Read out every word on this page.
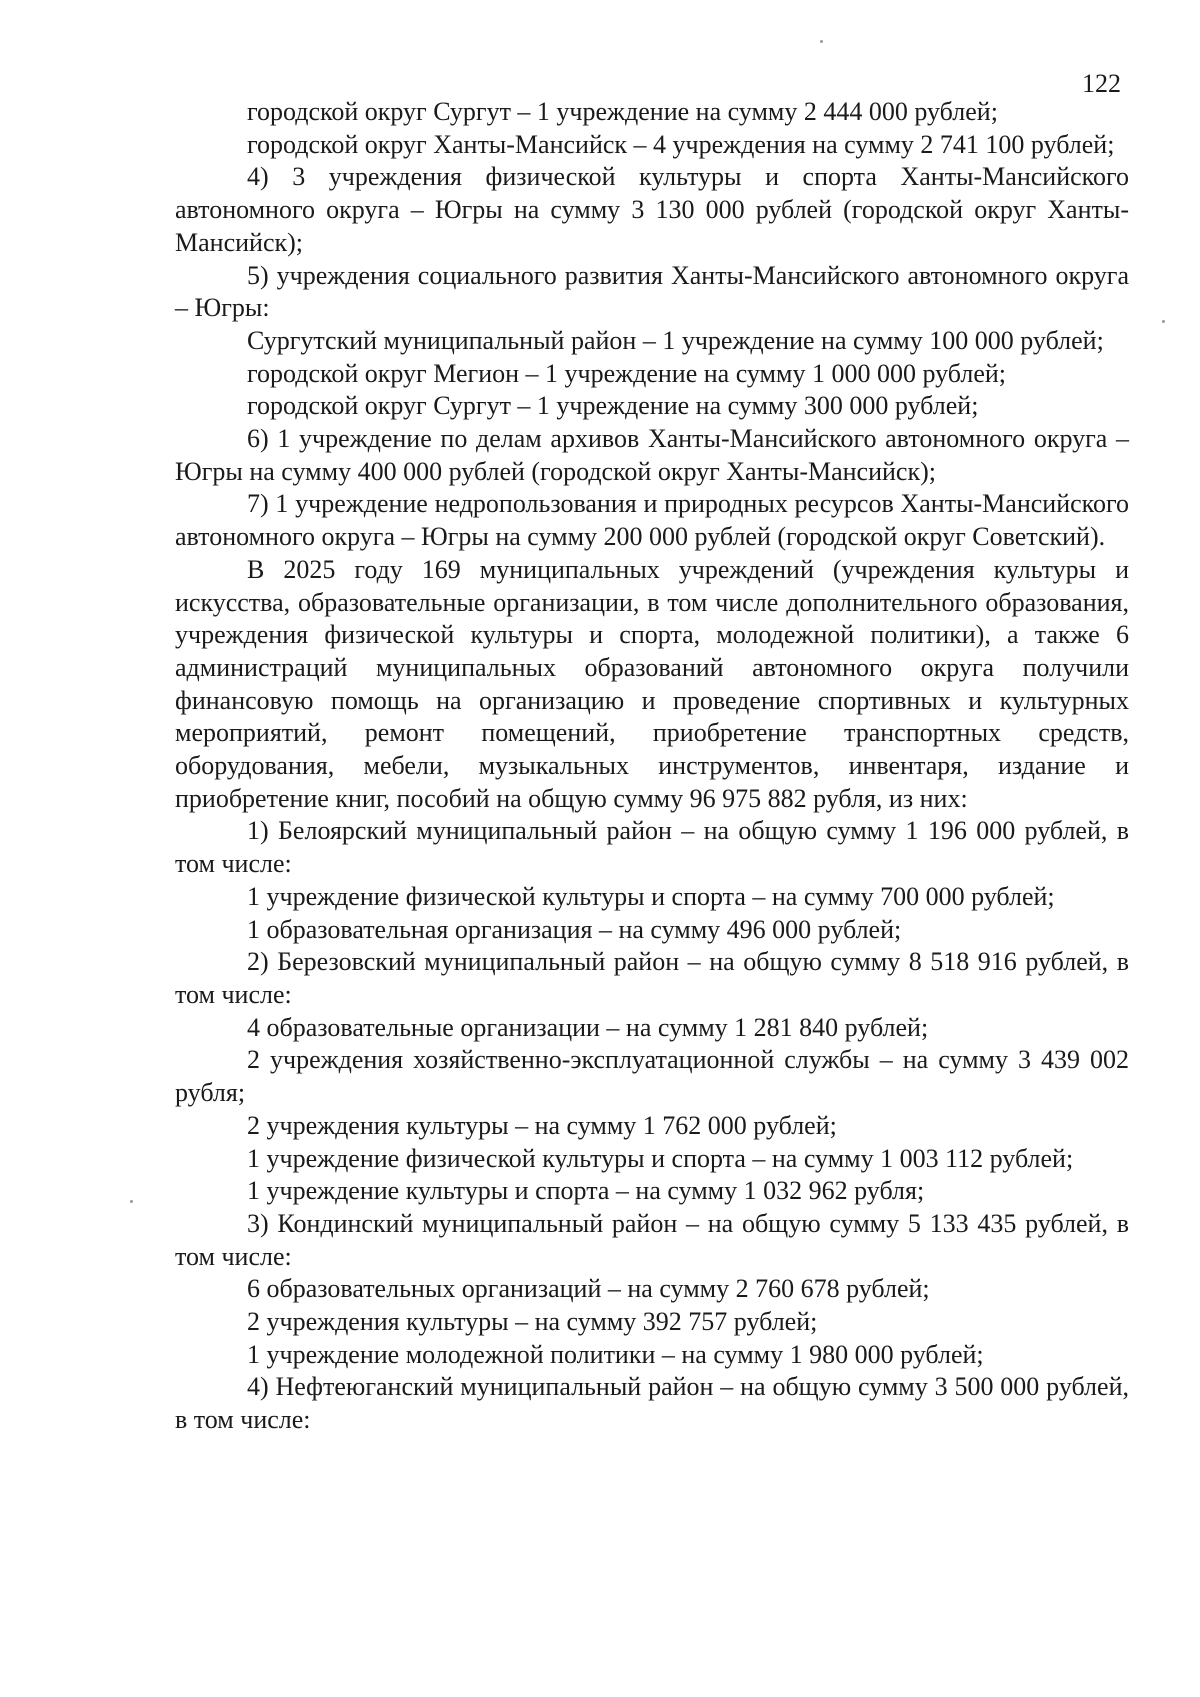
122

городской округ Сургут – 1 учреждение на сумму 2 444 000 рублей;

городской округ Ханты-Мансийск – 4 учреждения на сумму 2 741 100 рублей;

4) 3 учреждения физической культуры и спорта Ханты-Мансийского автономного округа – Югры на сумму 3 130 000 рублей (городской округ Ханты-Мансийск);

5) учреждения социального развития Ханты-Мансийского автономного округа – Югры:

Сургутский муниципальный район – 1 учреждение на сумму 100 000 рублей;

городской округ Мегион – 1 учреждение на сумму 1 000 000 рублей;

городской округ Сургут – 1 учреждение на сумму 300 000 рублей;

6) 1 учреждение по делам архивов Ханты-Мансийского автономного округа – Югры на сумму 400 000 рублей (городской округ Ханты-Мансийск);

7) 1 учреждение недропользования и природных ресурсов Ханты-Мансийского автономного округа – Югры на сумму 200 000 рублей (городской округ Советский).

В 2025 году 169 муниципальных учреждений (учреждения культуры и искусства, образовательные организации, в том числе дополнительного образования, учреждения физической культуры и спорта, молодежной политики), а также 6 администраций муниципальных образований автономного округа получили финансовую помощь на организацию и проведение спортивных и культурных мероприятий, ремонт помещений, приобретение транспортных средств, оборудования, мебели, музыкальных инструментов, инвентаря, издание и приобретение книг, пособий на общую сумму 96 975 882 рубля, из них:

1) Белоярский муниципальный район – на общую сумму 1 196 000 рублей, в том числе:

1 учреждение физической культуры и спорта – на сумму 700 000 рублей;

1 образовательная организация – на сумму 496 000 рублей;

2) Березовский муниципальный район – на общую сумму 8 518 916 рублей, в том числе:

4 образовательные организации – на сумму 1 281 840 рублей;

2 учреждения хозяйственно-эксплуатационной службы – на сумму 3 439 002 рубля;

2 учреждения культуры – на сумму 1 762 000 рублей;

1 учреждение физической культуры и спорта – на сумму 1 003 112 рублей;

1 учреждение культуры и спорта – на сумму 1 032 962 рубля;

3) Кондинский муниципальный район – на общую сумму 5 133 435 рублей, в том числе:

6 образовательных организаций – на сумму 2 760 678 рублей;

2 учреждения культуры – на сумму 392 757 рублей;

1 учреждение молодежной политики – на сумму 1 980 000 рублей;

4) Нефтеюганский муниципальный район – на общую сумму 3 500 000 рублей, в том числе:
